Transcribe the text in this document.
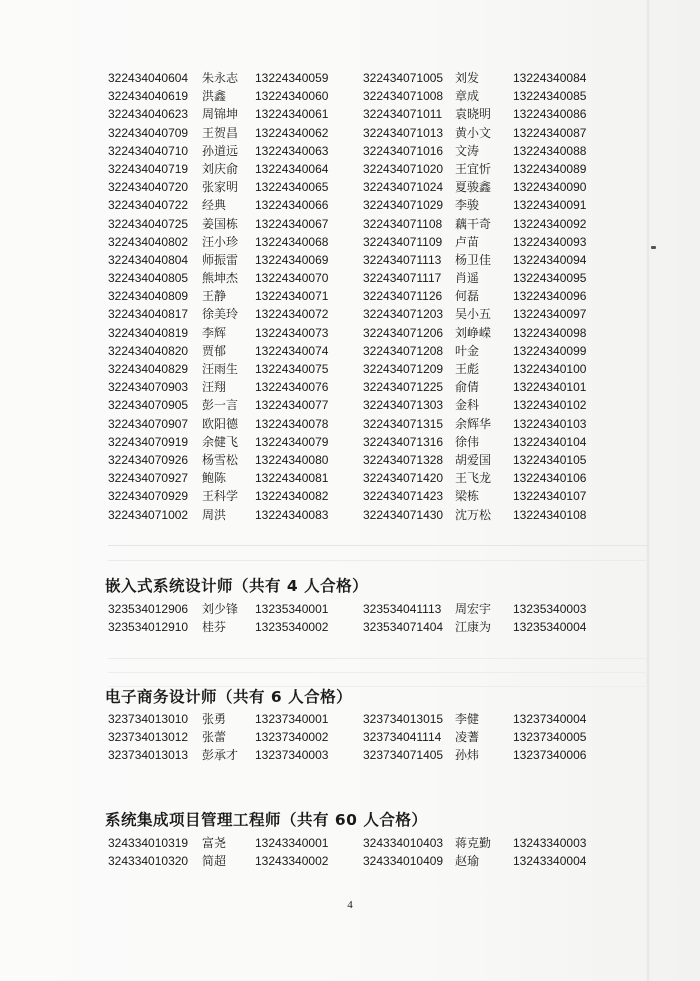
322434040604 朱永志 13224340059	322434071005 刘发	13224340084
322434040619 洪鑫 13224340060	322434071008 章成	13224340085
322434040623 周锦坤 13224340061	322434071011 袁晓明 13224340086
322434040709 王贺昌 13224340062	322434071013 黄小文 13224340087
322434040710 孙道远 13224340063	322434071016 文涛	13224340088
322434040719 刘庆俞 13224340064	322434071020 王宜忻 13224340089
322434040720 张家明 13224340065	322434071024 夏骏鑫 13224340090
322434040722 经典 13224340066	322434071029 李骏	13224340091
322434040725 姜国栋 13224340067	322434071108 藕干奇 13224340092
322434040802 汪小珍 13224340068	322434071109 卢苗	13224340093
322434040804 师振雷 13224340069	322434071113 杨卫佳 13224340094
322434040805 熊坤杰 13224340070	322434071117 肖遥	13224340095
322434040809 王静 13224340071	322434071126 何磊	13224340096
322434040817 徐美玲 13224340072	322434071203 吴小五 13224340097
322434040819 李辉 13224340073	322434071206 刘峥嵘 13224340098
322434040820 贾郁 13224340074	322434071208 叶金	13224340099
322434040829 汪雨生 13224340075	322434071209 王彪	13224340100
322434070903 汪翔 13224340076	322434071225 俞倩	13224340101
322434070905 彭一言 13224340077	322434071303 金科	13224340102
322434070907 欧阳德 13224340078	322434071315 余辉华 13224340103
322434070919 余健飞 13224340079	322434071316 徐伟	13224340104
322434070926 杨雪松 13224340080	322434071328 胡爱国 13224340105
322434070927 鲍陈 13224340081	322434071420 王飞龙 13224340106
322434070929 王科学 13224340082	322434071423 梁栋	13224340107
322434071002 周洪 13224340083	322434071430 沈万松 13224340108
嵌入式系统设计师（共有 4 人合格）
323534012906 刘少锋 13235340001	323534041113 周宏宇 13235340003
323534012910 桂芬 13235340002	323534071404 江康为 13235340004
电子商务设计师（共有 6 人合格）
323734013010 张勇 13237340001	323734013015 李健	13237340004
323734013012 张蕾 13237340002	323734041114 凌蓍	13237340005
323734013013 彭承才 13237340003	323734071405 孙炜	13237340006
系统集成项目管理工程师（共有 60 人合格）
324334010319 富尧 13243340001	324334010403 蒋克勤 13243340003
324334010320 简超 13243340002	324334010409 赵瑜	13243340004
4
